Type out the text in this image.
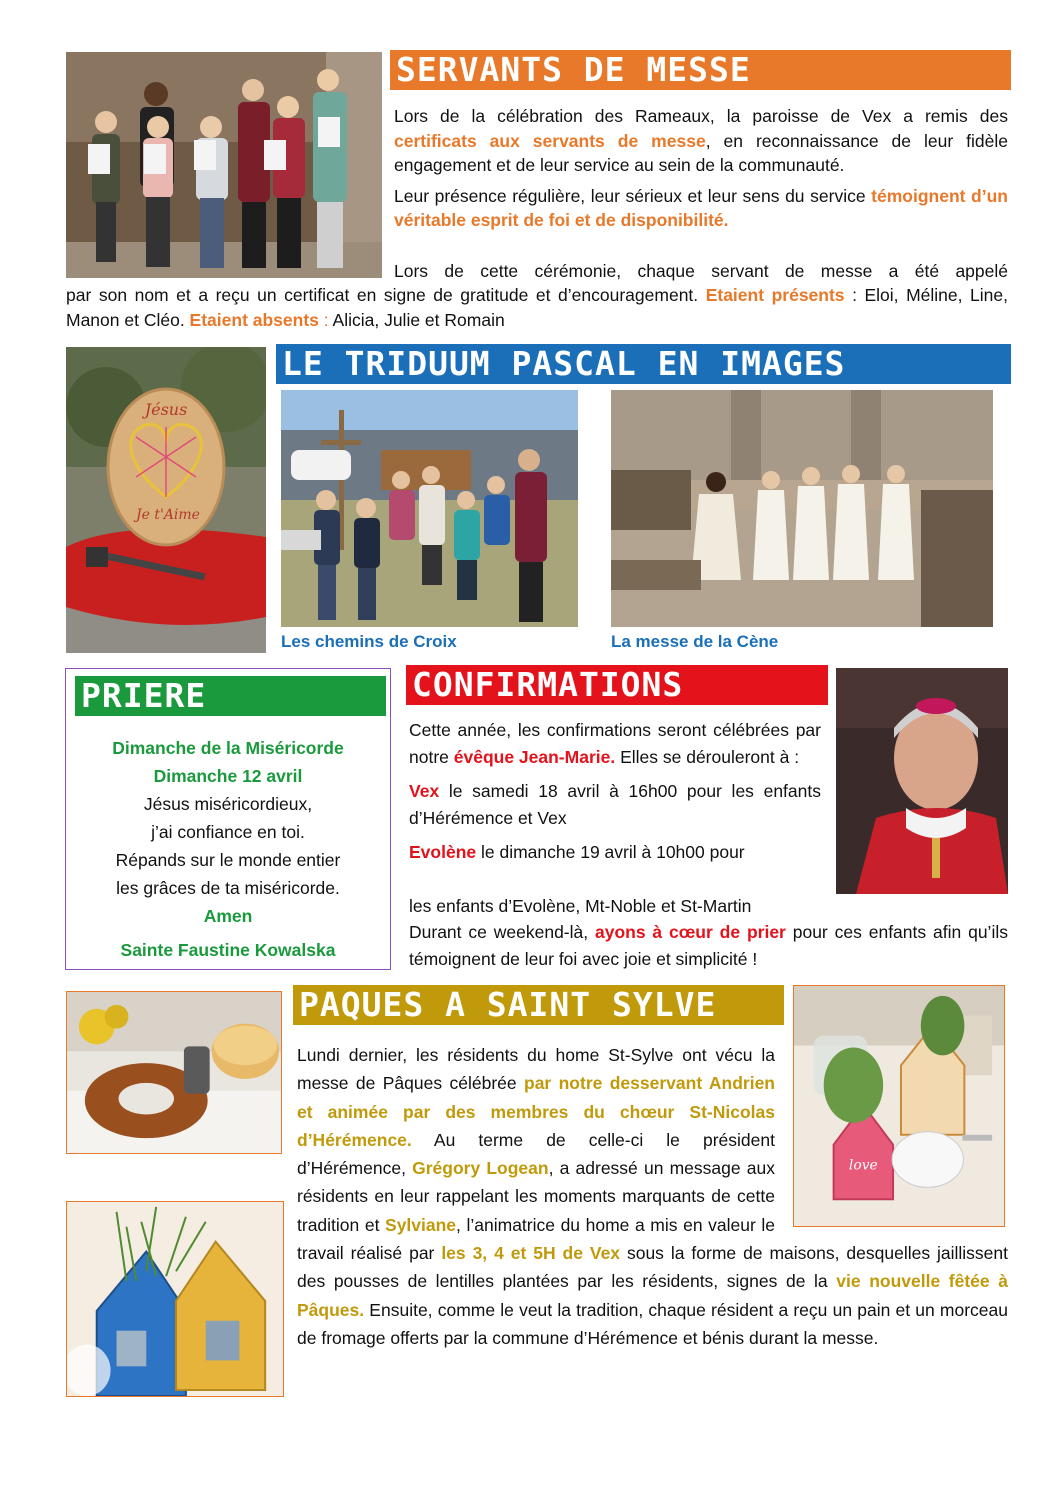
SERVANTS DE MESSE

Lors de la célébration des Rameaux, la paroisse de Vex a remis des certificats aux servants de messe, en reconnaissance de leur fidèle engagement et de leur service au sein de la communauté.

Leur présence régulière, leur sérieux et leur sens du service témoignent d’un véritable esprit de foi et de disponibilité.

Lors de cette cérémonie, chaque servant de messe a été appelé

par son nom et a reçu un certificat en signe de gratitude et d’encouragement. Etaient présents : Eloi, Méline, Line, Manon et Cléo. Etaient absents : Alicia, Julie et Romain

Jésus
Je t'Aime
LE TRIDUUM PASCAL EN IMAGES
Les chemins de Croix	La messe de la Cène
PRIERE
Dimanche de la Miséricorde
Dimanche 12 avril
Jésus miséricordieux,
j’ai confiance en toi.
Répands sur le monde entier
les grâces de ta miséricorde.
Amen
Sainte Faustine Kowalska
CONFIRMATIONS

Cette année, les confirmations seront célébrées par notre évêque Jean-Marie. Elles se dérouleront à :

Vex le samedi 18 avril à 16h00 pour les enfants d’Hérémence et Vex

Evolène le dimanche 19 avril à 10h00 pour

les enfants d’Evolène, Mt-Noble et St-Martin
Durant ce weekend-là, ayons à cœur de prier pour ces enfants afin qu’ils témoignent de leur foi avec joie et simplicité !
PAQUES A SAINT SYLVE
love
Lundi dernier, les résidents du home St-Sylve ont vécu la messe de Pâques célébrée par notre desservant Andrien et animée par des membres du chœur St-Nicolas d’Hérémence. Au terme de celle-ci le président d’Hérémence, Grégory Logean, a adressé un message aux résidents en leur rappelant les moments marquants de cette tradition et Sylviane, l’animatrice du home a mis en valeur le travail réalisé par les 3, 4 et 5H de Vex sous la forme de maisons, desquelles jaillissent des pousses de lentilles plantées par les résidents, signes de la vie nouvelle fêtée à Pâques. Ensuite, comme le veut la tradition, chaque résident a reçu un pain et un morceau de fromage offerts par la commune d’Hérémence et bénis durant la messe.
